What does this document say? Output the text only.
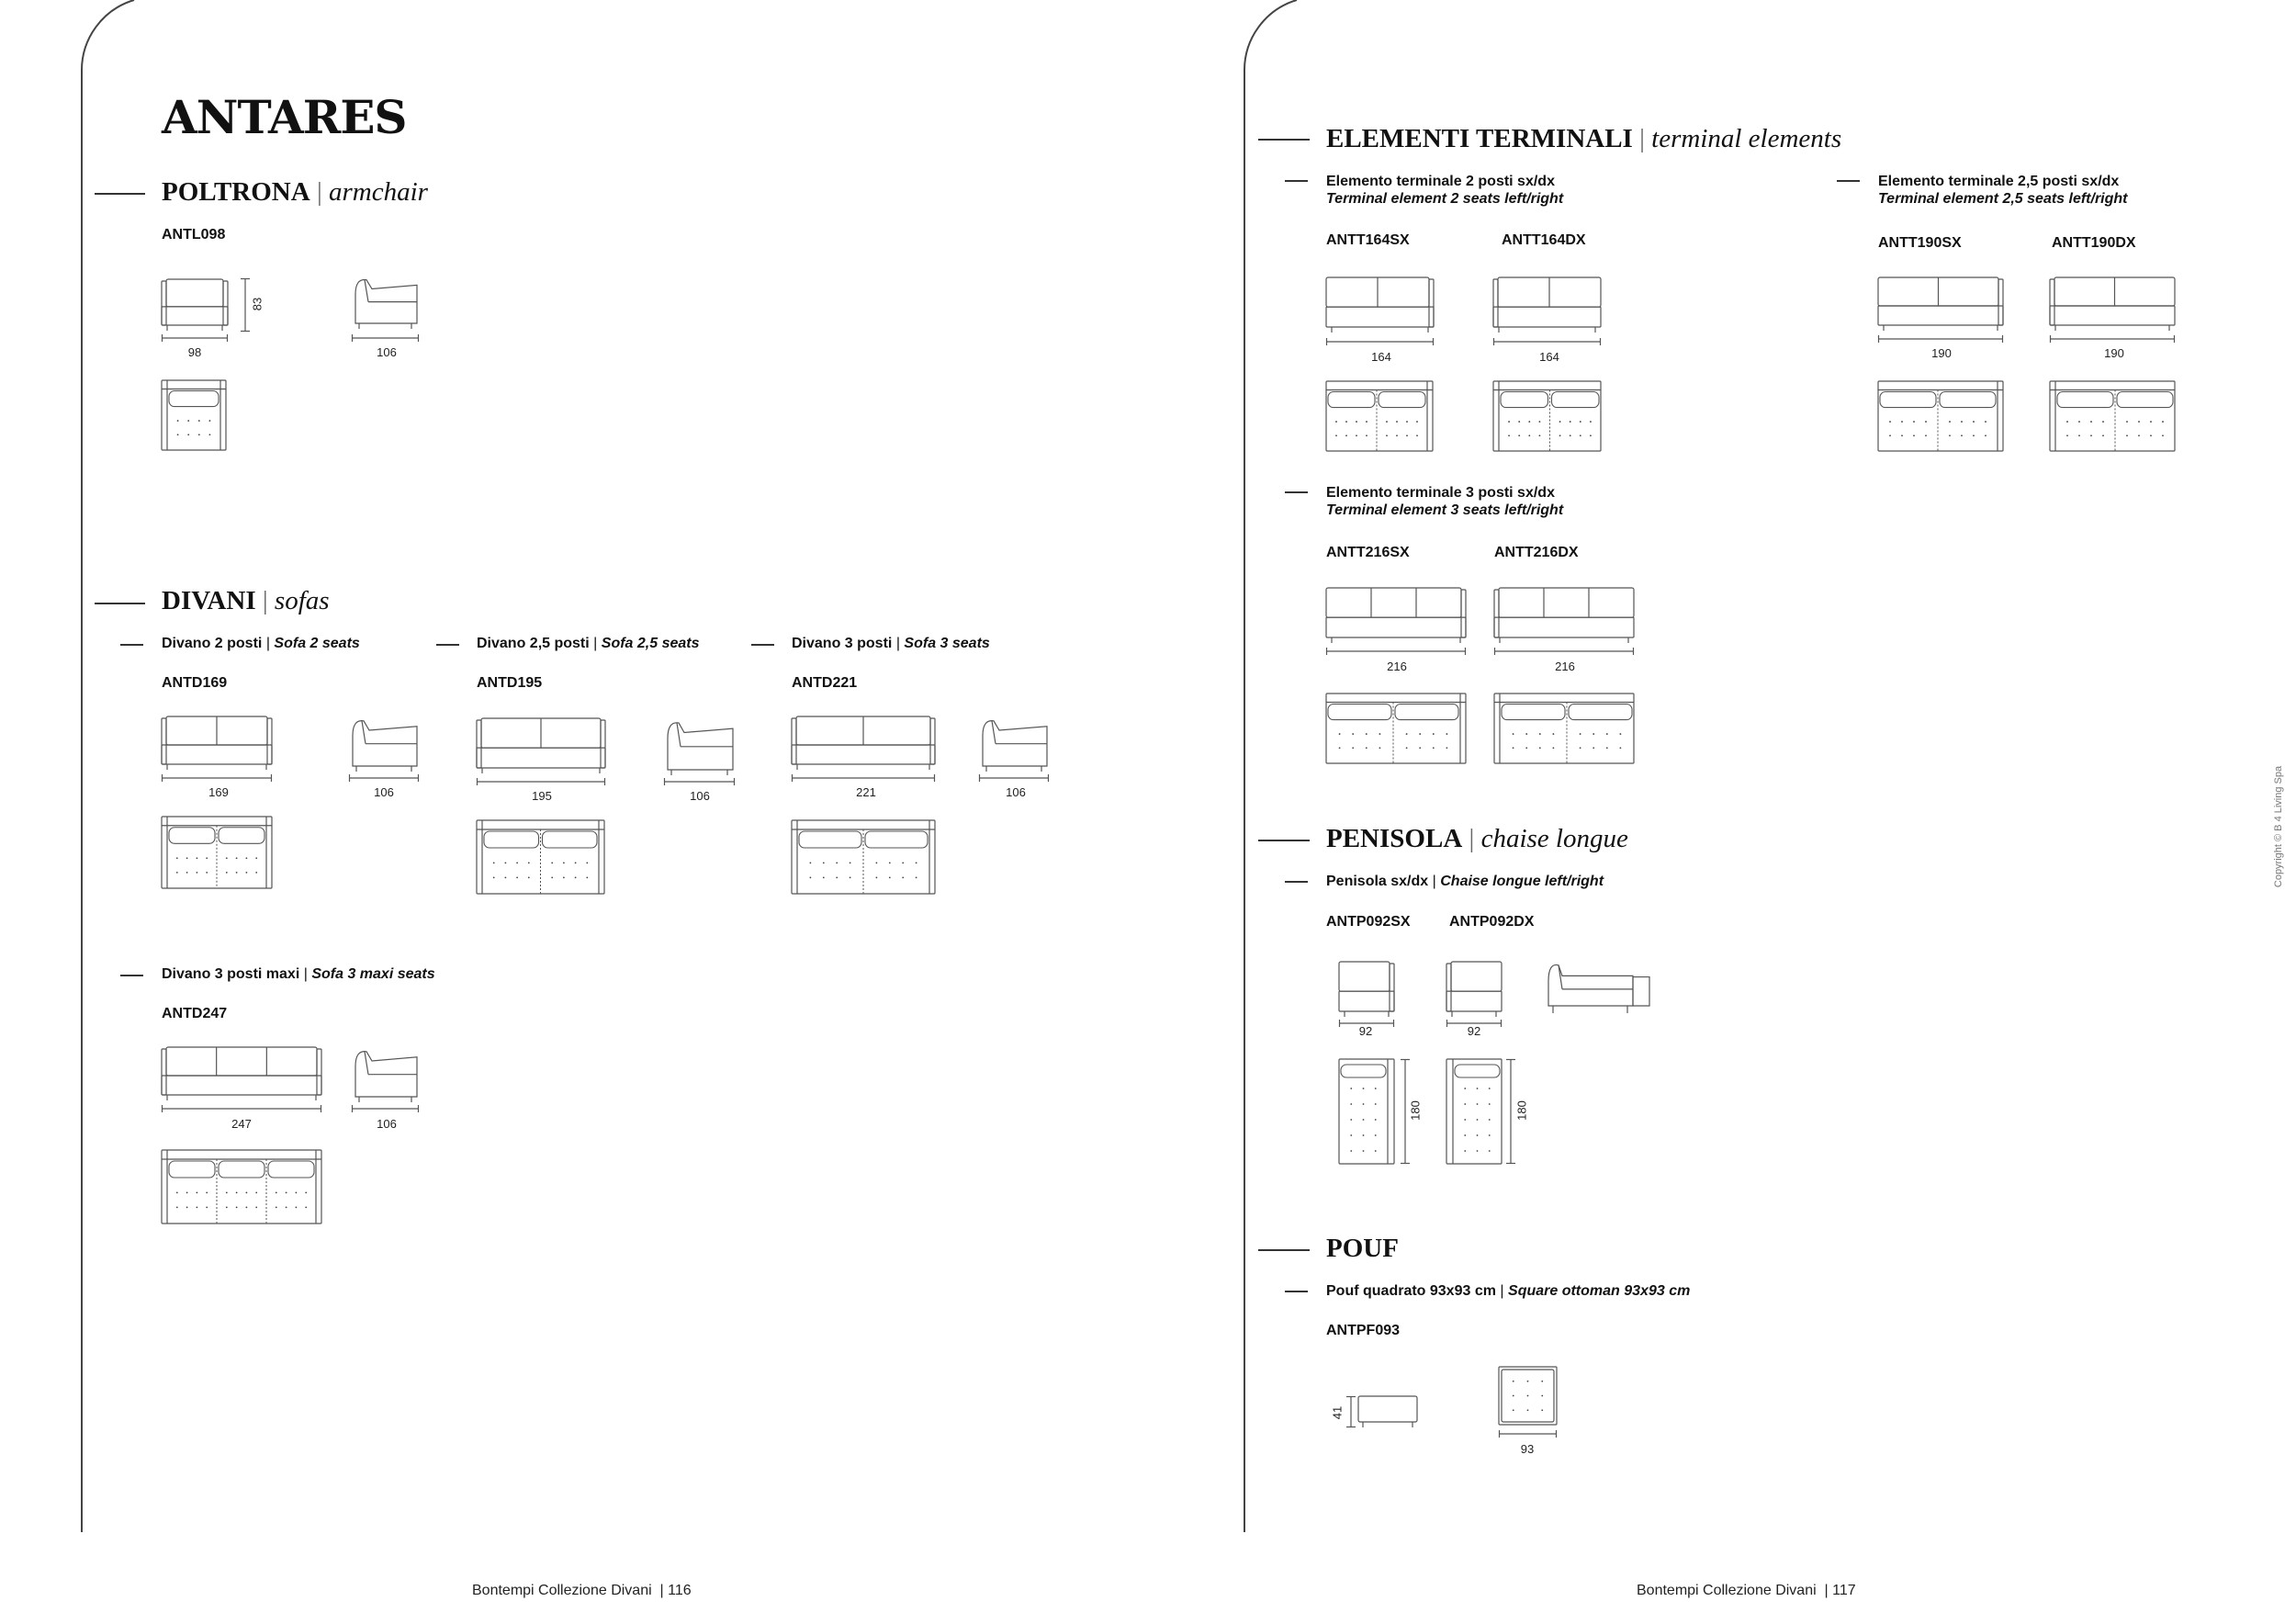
ANTARES
POLTRONA | armchair
ANTL098
DIVANI | sofas
Divano 2 posti | Sofa 2 seats
ANTD169
Divano 2,5 posti | Sofa 2,5 seats
ANTD195
Divano 3 posti | Sofa 3 seats
ANTD221
Divano 3 posti maxi | Sofa 3 maxi seats
ANTD247
98
83
106
169	106	195	106	221	106
247	106
Bontempi Collezione Divani | 116
ELEMENTI TERMINALI | terminal elements
Elemento terminale 2 posti sx/dx
Terminal element 2 seats left/right
ANTT164SX	ANTT164DX
Elemento terminale 2,5 posti sx/dx
Terminal element 2,5 seats left/right
ANTT190SX	ANTT190DX
Elemento terminale 3 posti sx/dx
Terminal element 3 seats left/right
ANTT216SX	ANTT216DX
164	164	190	190
216	216
PENISOLA | chaise longue
Penisola sx/dx | Chaise longue left/right
ANTP092SX	ANTP092DX
92	92
180	180
POUF
Pouf quadrato 93x93 cm | Square ottoman 93x93 cm
ANTPF093
41
93
Copyright © B 4 Living Spa
Bontempi Collezione Divani | 117
